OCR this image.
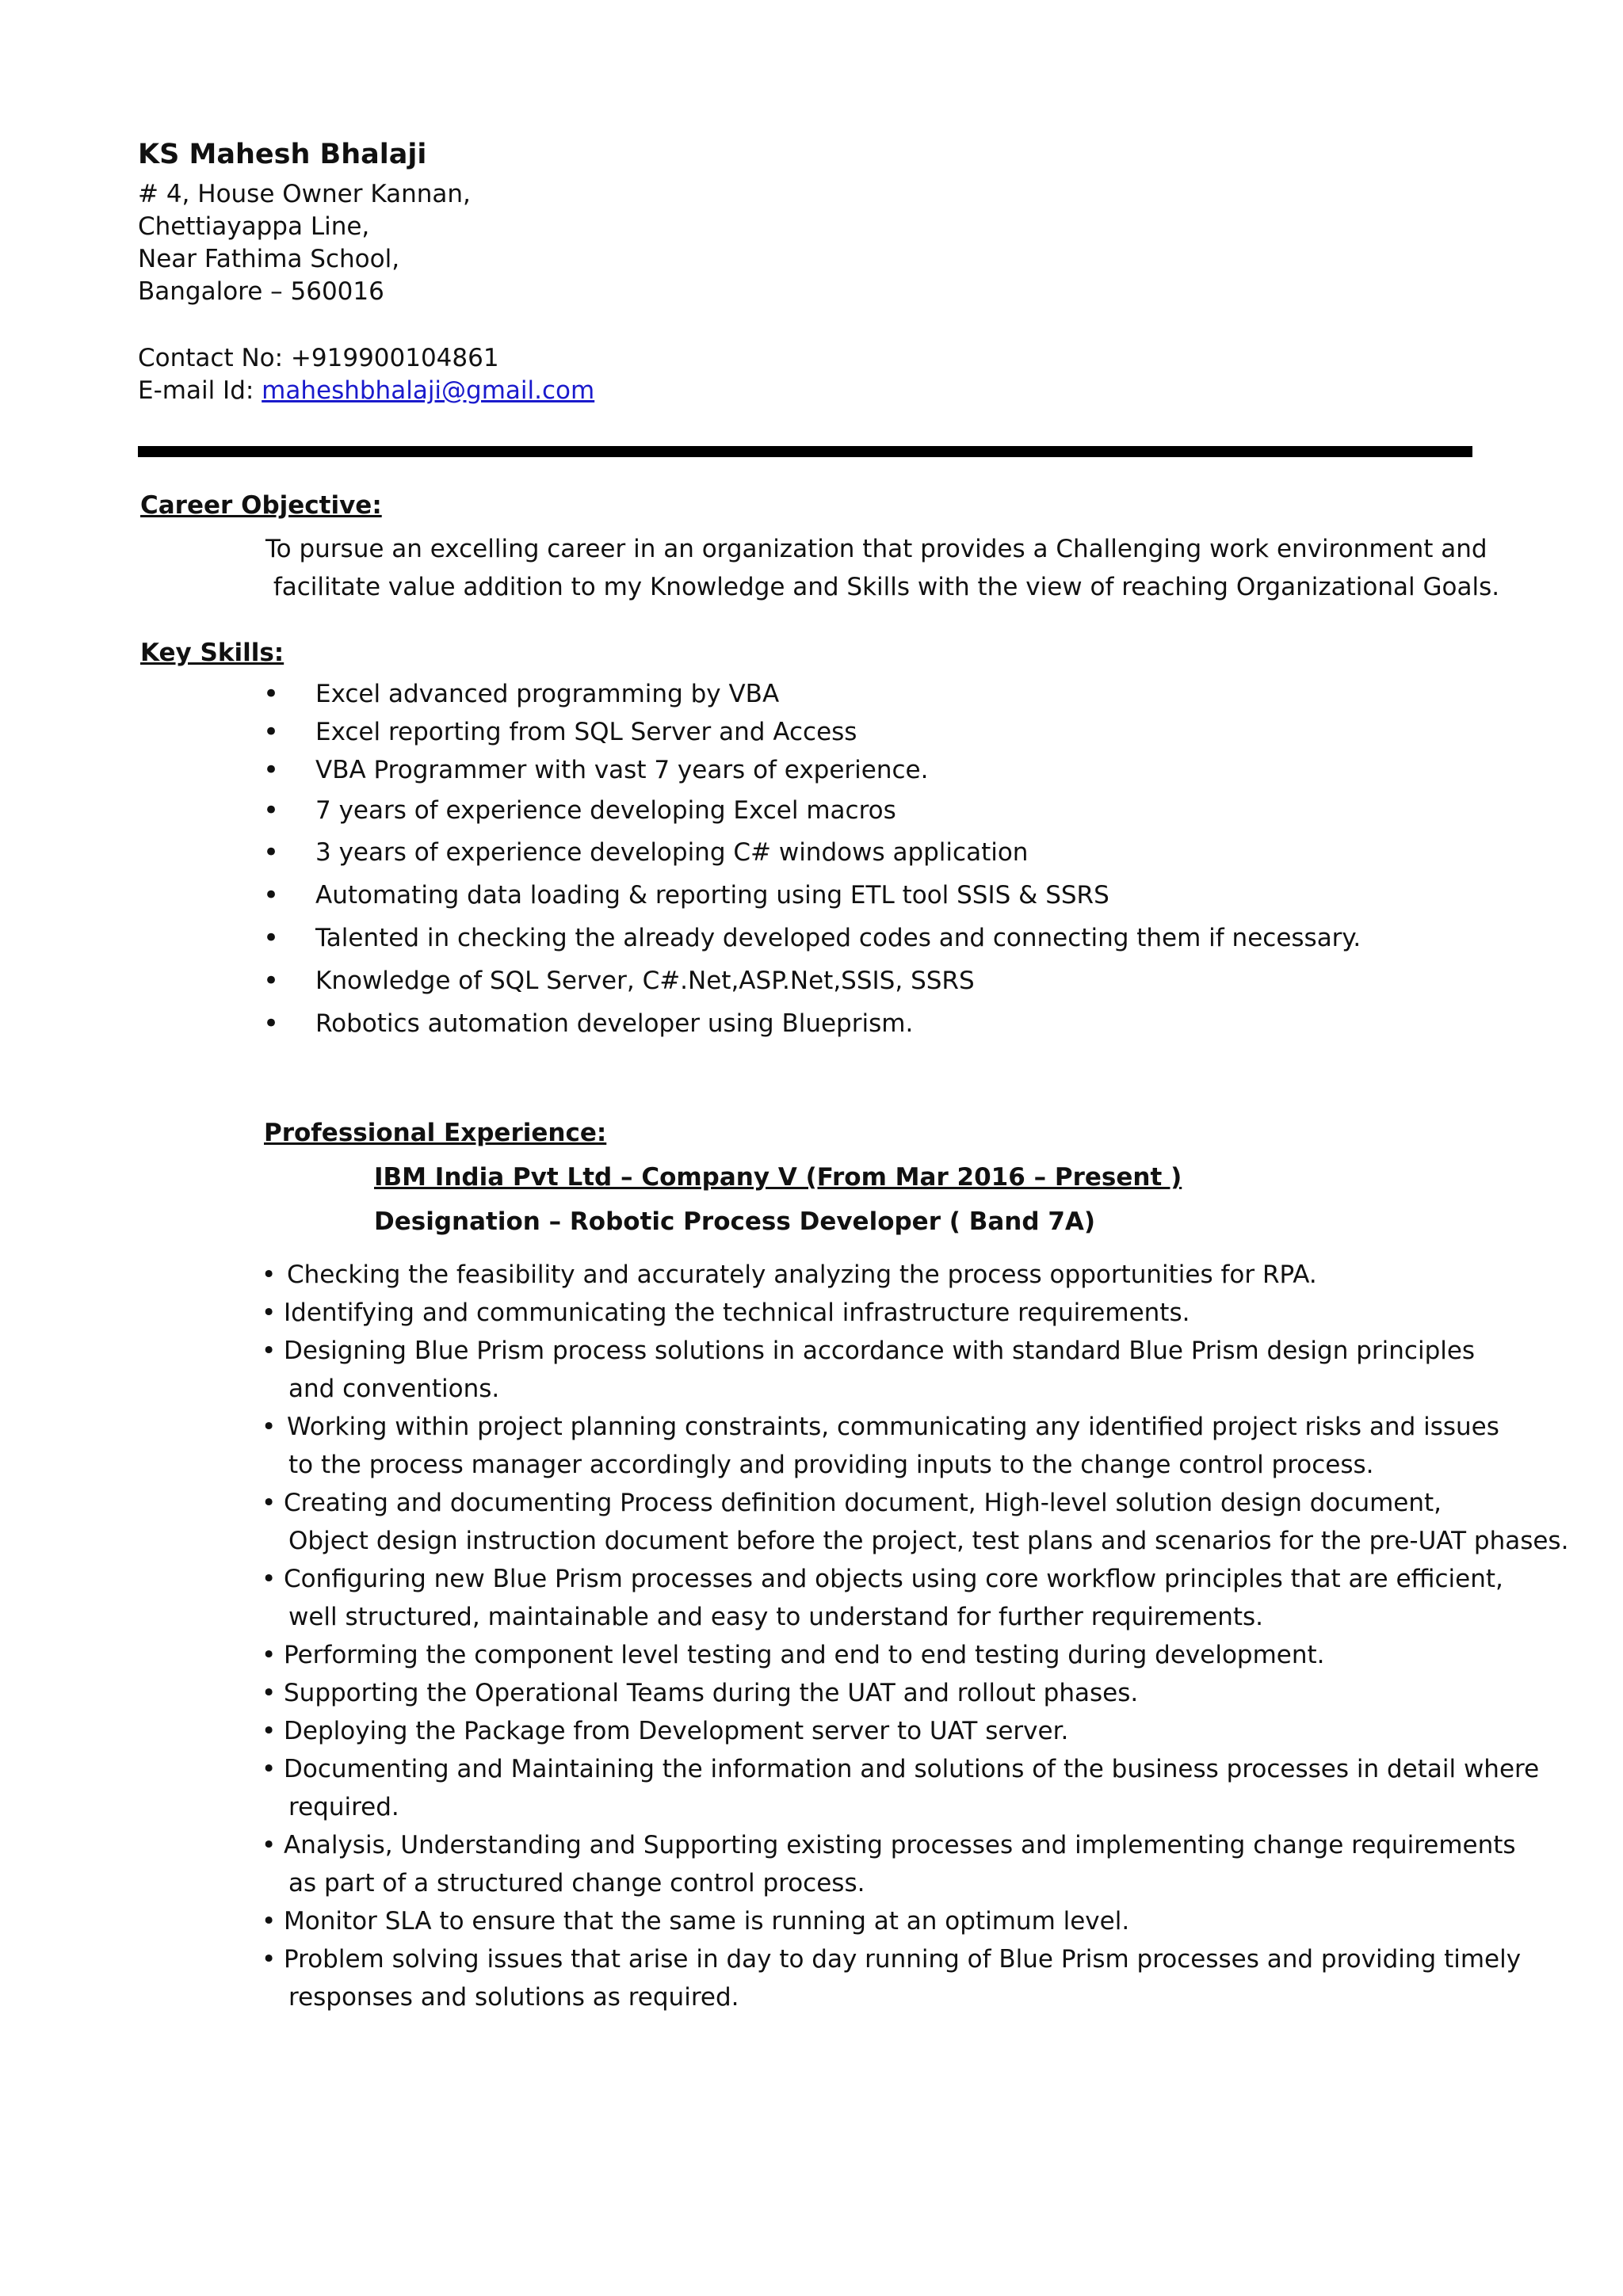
KS Mahesh Bhalaji
# 4, House Owner Kannan,
Chettiayappa Line,
Near Fathima School,
Bangalore – 560016
Contact No: +919900104861
E-mail Id: maheshbhalaji@gmail.com
Career Objective:

To pursue an excelling career in an organization that provides a Challenging work environment and
facilitate value addition to my Knowledge and Skills with the view of reaching Organizational Goals.

Key Skills:
• Excel advanced programming by VBA
• Excel reporting from SQL Server and Access
• VBA Programmer with vast 7 years of experience.
• 7 years of experience developing Excel macros
• 3 years of experience developing C# windows application
• Automating data loading & reporting using ETL tool SSIS & SSRS
• Talented in checking the already developed codes and connecting them if necessary.
• Knowledge of SQL Server, C#.Net,ASP.Net,SSIS, SSRS
• Robotics automation developer using Blueprism.
Professional Experience:
IBM India Pvt Ltd – Company V (From Mar 2016 – Present )
Designation – Robotic Process Developer ( Band 7A)
• Checking the feasibility and accurately analyzing the process opportunities for RPA.
• Identifying and communicating the technical infrastructure requirements.
• Designing Blue Prism process solutions in accordance with standard Blue Prism design principles
and conventions.
• Working within project planning constraints, communicating any identified project risks and issues
to the process manager accordingly and providing inputs to the change control process.
• Creating and documenting Process definition document, High-level solution design document,
Object design instruction document before the project, test plans and scenarios for the pre-UAT phases.
• Configuring new Blue Prism processes and objects using core workflow principles that are efficient,
well structured, maintainable and easy to understand for further requirements.
• Performing the component level testing and end to end testing during development.
• Supporting the Operational Teams during the UAT and rollout phases.
• Deploying the Package from Development server to UAT server.
• Documenting and Maintaining the information and solutions of the business processes in detail where
required.
• Analysis, Understanding and Supporting existing processes and implementing change requirements
as part of a structured change control process.
• Monitor SLA to ensure that the same is running at an optimum level.
• Problem solving issues that arise in day to day running of Blue Prism processes and providing timely
responses and solutions as required.
